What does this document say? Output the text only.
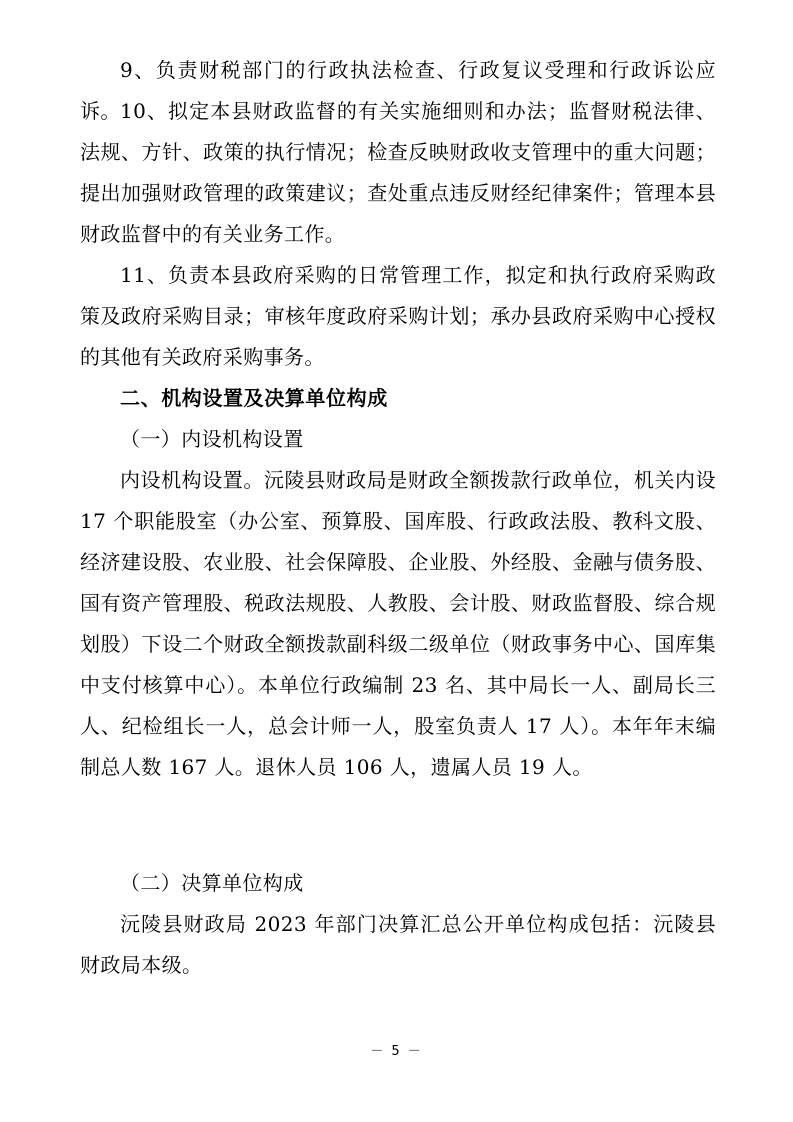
9、负责财税部门的行政执法检查、行政复议受理和行政诉讼应诉。 10、拟定本县财政监督的有关实施细则和办法；监督财税法律、法规、方针、政策的执行情况；检查反映财政收支管理中的重大问题；提出加强财政管理的政策建议；查处重点违反财经纪律案件；管理本县财政监督中的有关业务工作。
11、负责本县政府采购的日常管理工作，拟定和执行政府采购政策及政府采购目录；审核年度政府采购计划；承办县政府采购中心授权的其他有关政府采购事务。
二、机构设置及决算单位构成
（一）内设机构设置
内设机构设置。沅陵县财政局是财政全额拨款行政单位，机关内设 17 个职能股室（办公室、预算股、国库股、行政政法股、教科文股、经济建设股、农业股、社会保障股、企业股、外经股、金融与债务股、国有资产管理股、税政法规股、人教股、会计股、财政监督股、综合规划股）下设二个财政全额拨款副科级二级单位（财政事务中心、国库集中支付核算中心）。本单位行政编制 23 名、其中局长一人、副局长三人、纪检组长一人，总会计师一人，股室负责人 17 人）。本年年末编制总人数 167 人。退休人员 106 人，遗属人员 19 人。
（二）决算单位构成
沅陵县财政局 2023 年部门决算汇总公开单位构成包括：沅陵县财政局本级。
－ 5 －
